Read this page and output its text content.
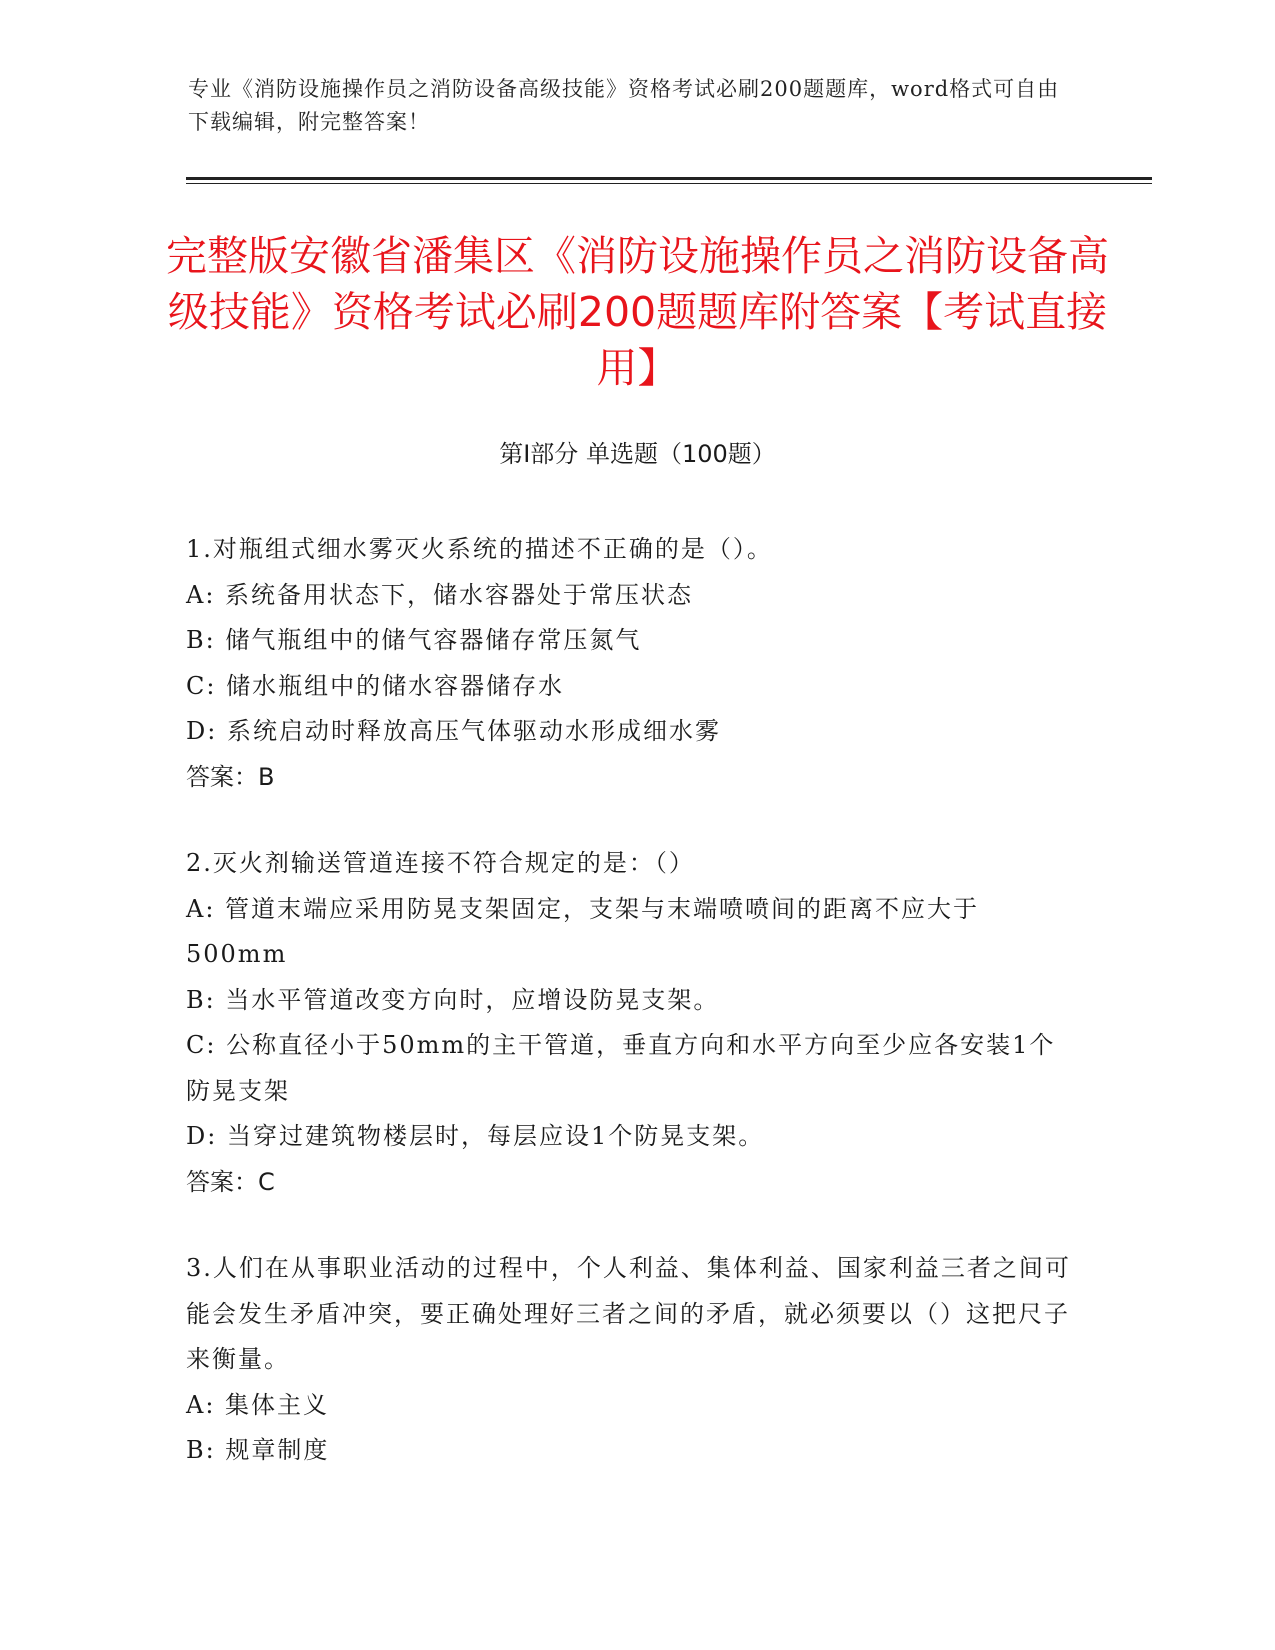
专业《消防设施操作员之消防设备高级技能》资格考试必刷200题题库，word格式可自由下载编辑，附完整答案！
完整版安徽省潘集区《消防设施操作员之消防设备高级技能》资格考试必刷200题题库附答案【考试直接用】
第Ⅰ部分 单选题（100题）
1.对瓶组式细水雾灭火系统的描述不正确的是（）。
A: 系统备用状态下，储水容器处于常压状态
B: 储气瓶组中的储气容器储存常压氮气
C: 储水瓶组中的储水容器储存水
D: 系统启动时释放高压气体驱动水形成细水雾
答案：B
2.灭火剂输送管道连接不符合规定的是：（）
A: 管道末端应采用防晃支架固定，支架与末端喷喷间的距离不应大于500mm
B: 当水平管道改变方向时，应增设防晃支架。
C: 公称直径小于50mm的主干管道，垂直方向和水平方向至少应各安装1个防晃支架
D: 当穿过建筑物楼层时，每层应设1个防晃支架。
答案：C
3.人们在从事职业活动的过程中，个人利益、集体利益、国家利益三者之间可能会发生矛盾冲突，要正确处理好三者之间的矛盾，就必须要以（）这把尺子来衡量。
A: 集体主义
B: 规章制度
